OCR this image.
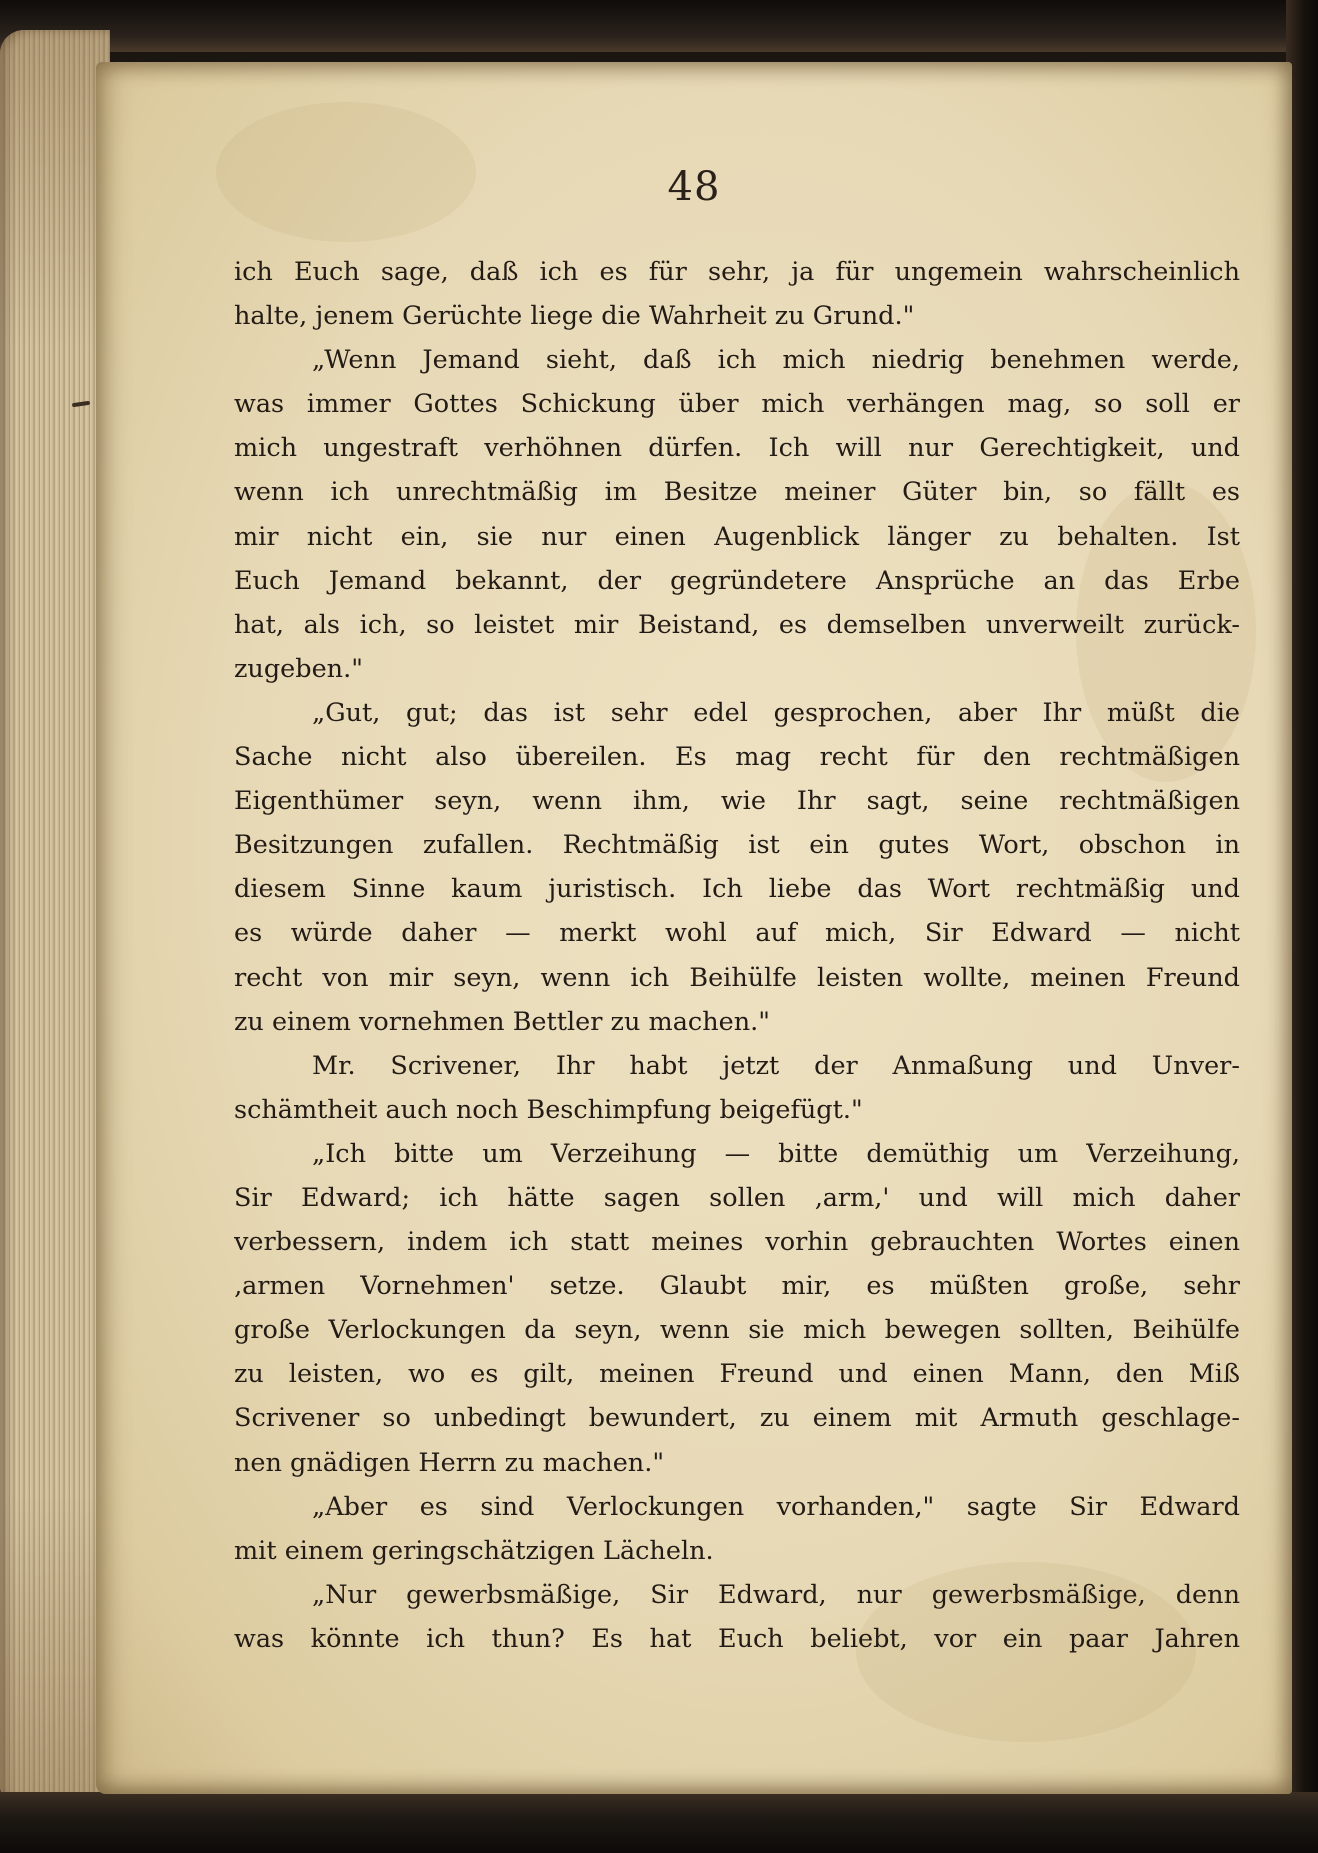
48
ich Euch sage, daß ich es für sehr, ja für ungemein wahrscheinlich
halte, jenem Gerüchte liege die Wahrheit zu Grund."
„Wenn Jemand sieht, daß ich mich niedrig benehmen werde,
was immer Gottes Schickung über mich verhängen mag, so soll er
mich ungestraft verhöhnen dürfen. Ich will nur Gerechtigkeit, und
wenn ich unrechtmäßig im Besitze meiner Güter bin, so fällt es
mir nicht ein, sie nur einen Augenblick länger zu behalten. Ist
Euch Jemand bekannt, der gegründetere Ansprüche an das Erbe
hat, als ich, so leistet mir Beistand, es demselben unverweilt zurück-
zugeben."
„Gut, gut; das ist sehr edel gesprochen, aber Ihr müßt die
Sache nicht also übereilen. Es mag recht für den rechtmäßigen
Eigenthümer seyn, wenn ihm, wie Ihr sagt, seine rechtmäßigen
Besitzungen zufallen. Rechtmäßig ist ein gutes Wort, obschon in
diesem Sinne kaum juristisch. Ich liebe das Wort rechtmäßig und
es würde daher — merkt wohl auf mich, Sir Edward — nicht
recht von mir seyn, wenn ich Beihülfe leisten wollte, meinen Freund
zu einem vornehmen Bettler zu machen."
Mr. Scrivener, Ihr habt jetzt der Anmaßung und Unver-
schämtheit auch noch Beschimpfung beigefügt."
„Ich bitte um Verzeihung — bitte demüthig um Verzeihung,
Sir Edward; ich hätte sagen sollen ‚arm,' und will mich daher
verbessern, indem ich statt meines vorhin gebrauchten Wortes einen
‚armen Vornehmen' setze. Glaubt mir, es müßten große, sehr
große Verlockungen da seyn, wenn sie mich bewegen sollten, Beihülfe
zu leisten, wo es gilt, meinen Freund und einen Mann, den Miß
Scrivener so unbedingt bewundert, zu einem mit Armuth geschlage-
nen gnädigen Herrn zu machen."
„Aber es sind Verlockungen vorhanden," sagte Sir Edward
mit einem geringschätzigen Lächeln.
„Nur gewerbsmäßige, Sir Edward, nur gewerbsmäßige, denn
was könnte ich thun? Es hat Euch beliebt, vor ein paar Jahren
